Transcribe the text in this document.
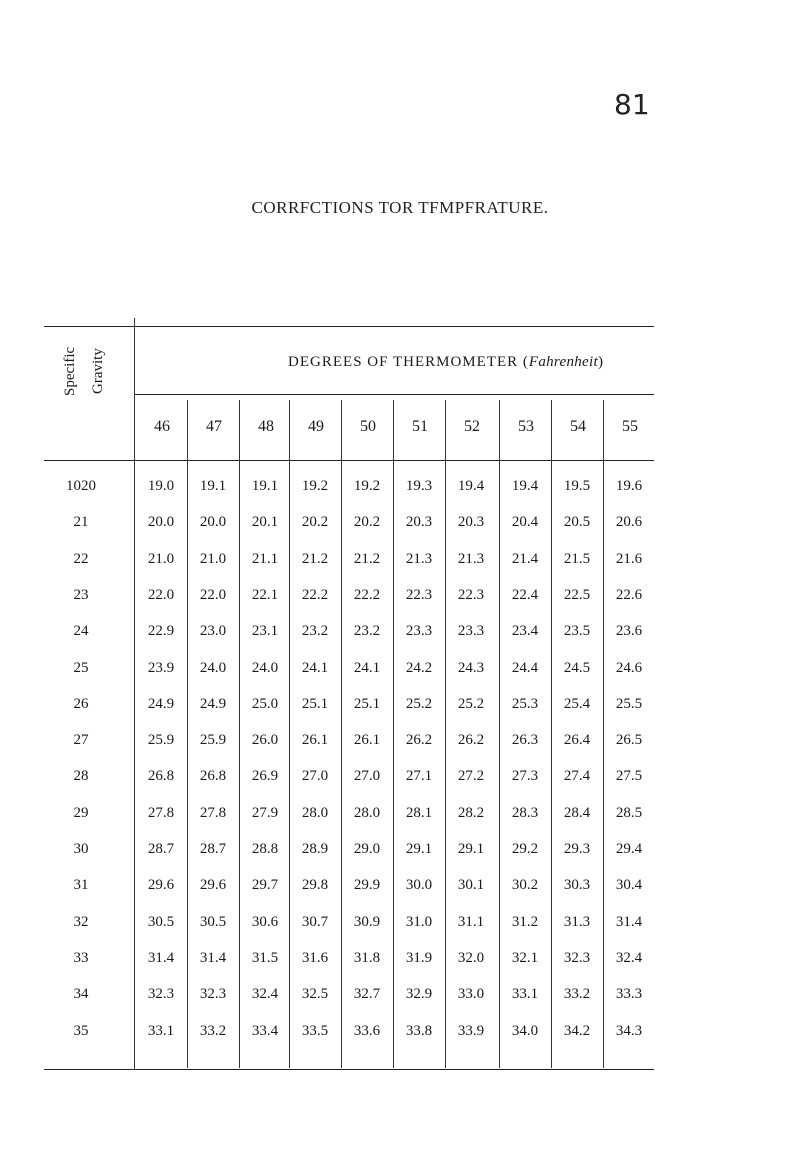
81
CORRFCTIONS TOR TFMPFRATURE.
Specific Gravity	DEGREES OF THERMOMETER (Fahrenheit)
46	47	48	49	50	51	52	53	54	55
1020	19.0	19.1	19.1	19.2	19.2	19.3	19.4	19.4	19.5	19.6
21	20.0	20.0	20.1	20.2	20.2	20.3	20.3	20.4	20.5	20.6
22	21.0	21.0	21.1	21.2	21.2	21.3	21.3	21.4	21.5	21.6
23	22.0	22.0	22.1	22.2	22.2	22.3	22.3	22.4	22.5	22.6
24	22.9	23.0	23.1	23.2	23.2	23.3	23.3	23.4	23.5	23.6
25	23.9	24.0	24.0	24.1	24.1	24.2	24.3	24.4	24.5	24.6
26	24.9	24.9	25.0	25.1	25.1	25.2	25.2	25.3	25.4	25.5
27	25.9	25.9	26.0	26.1	26.1	26.2	26.2	26.3	26.4	26.5
28	26.8	26.8	26.9	27.0	27.0	27.1	27.2	27.3	27.4	27.5
29	27.8	27.8	27.9	28.0	28.0	28.1	28.2	28.3	28.4	28.5
30	28.7	28.7	28.8	28.9	29.0	29.1	29.1	29.2	29.3	29.4
31	29.6	29.6	29.7	29.8	29.9	30.0	30.1	30.2	30.3	30.4
32	30.5	30.5	30.6	30.7	30.9	31.0	31.1	31.2	31.3	31.4
33	31.4	31.4	31.5	31.6	31.8	31.9	32.0	32.1	32.3	32.4
34	32.3	32.3	32.4	32.5	32.7	32.9	33.0	33.1	33.2	33.3
35	33.1	33.2	33.4	33.5	33.6	33.8	33.9	34.0	34.2	34.3
